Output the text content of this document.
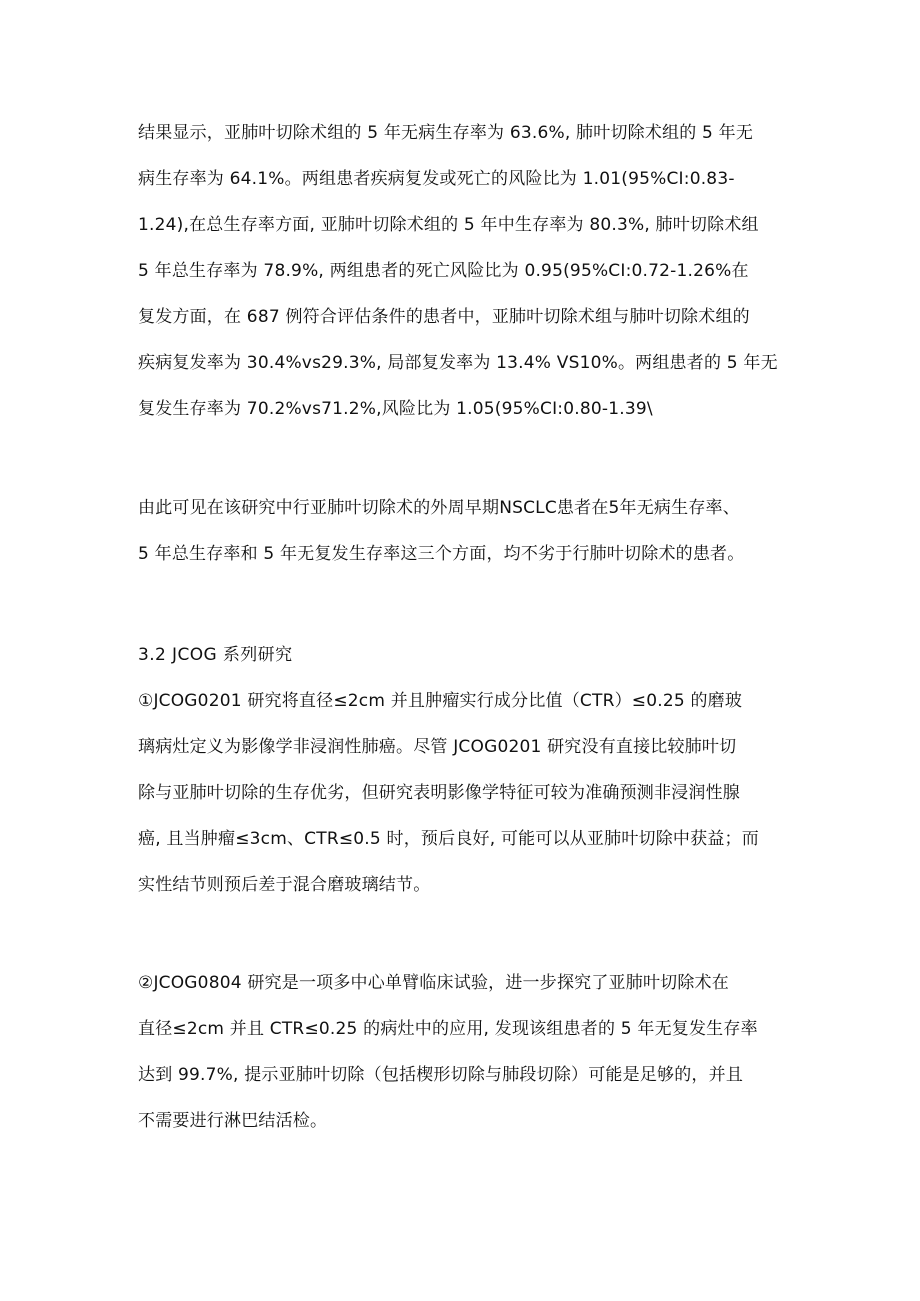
结果显示，亚肺叶切除术组的 5 年无病生存率为 63.6%, 肺叶切除术组的 5 年无
病生存率为 64.1%。两组患者疾病复发或死亡的风险比为 1.01(95%CI:0.83-
1.24),在总生存率方面, 亚肺叶切除术组的 5 年中生存率为 80.3%, 肺叶切除术组
5 年总生存率为 78.9%, 两组患者的死亡风险比为 0.95(95%CI:0.72-1.26%在
复发方面，在 687 例符合评估条件的患者中，亚肺叶切除术组与肺叶切除术组的
疾病复发率为 30.4%vs29.3%, 局部复发率为 13.4% VS10%。两组患者的 5 年无
复发生存率为 70.2%vs71.2%,风险比为 1.05(95%CI:0.80-1.39\
由此可见在该研究中行亚肺叶切除术的外周早期NSCLC患者在5年无病生存率、
5 年总生存率和 5 年无复发生存率这三个方面，均不劣于行肺叶切除术的患者。
3.2 JCOG 系列研究
①JCOG0201 研究将直径≤2cm 并且肿瘤实行成分比值（CTR）≤0.25 的磨玻
璃病灶定义为影像学非浸润性肺癌。尽管 JCOG0201 研究没有直接比较肺叶切
除与亚肺叶切除的生存优劣，但研究表明影像学特征可较为准确预测非浸润性腺
癌, 且当肿瘤≤3cm、CTR≤0.5 时，预后良好, 可能可以从亚肺叶切除中获益；而
实性结节则预后差于混合磨玻璃结节。
②JCOG0804 研究是一项多中心单臂临床试验，进一步探究了亚肺叶切除术在
直径≤2cm 并且 CTR≤0.25 的病灶中的应用, 发现该组患者的 5 年无复发生存率
达到 99.7%, 提示亚肺叶切除（包括楔形切除与肺段切除）可能是足够的，并且
不需要进行淋巴结活检。
